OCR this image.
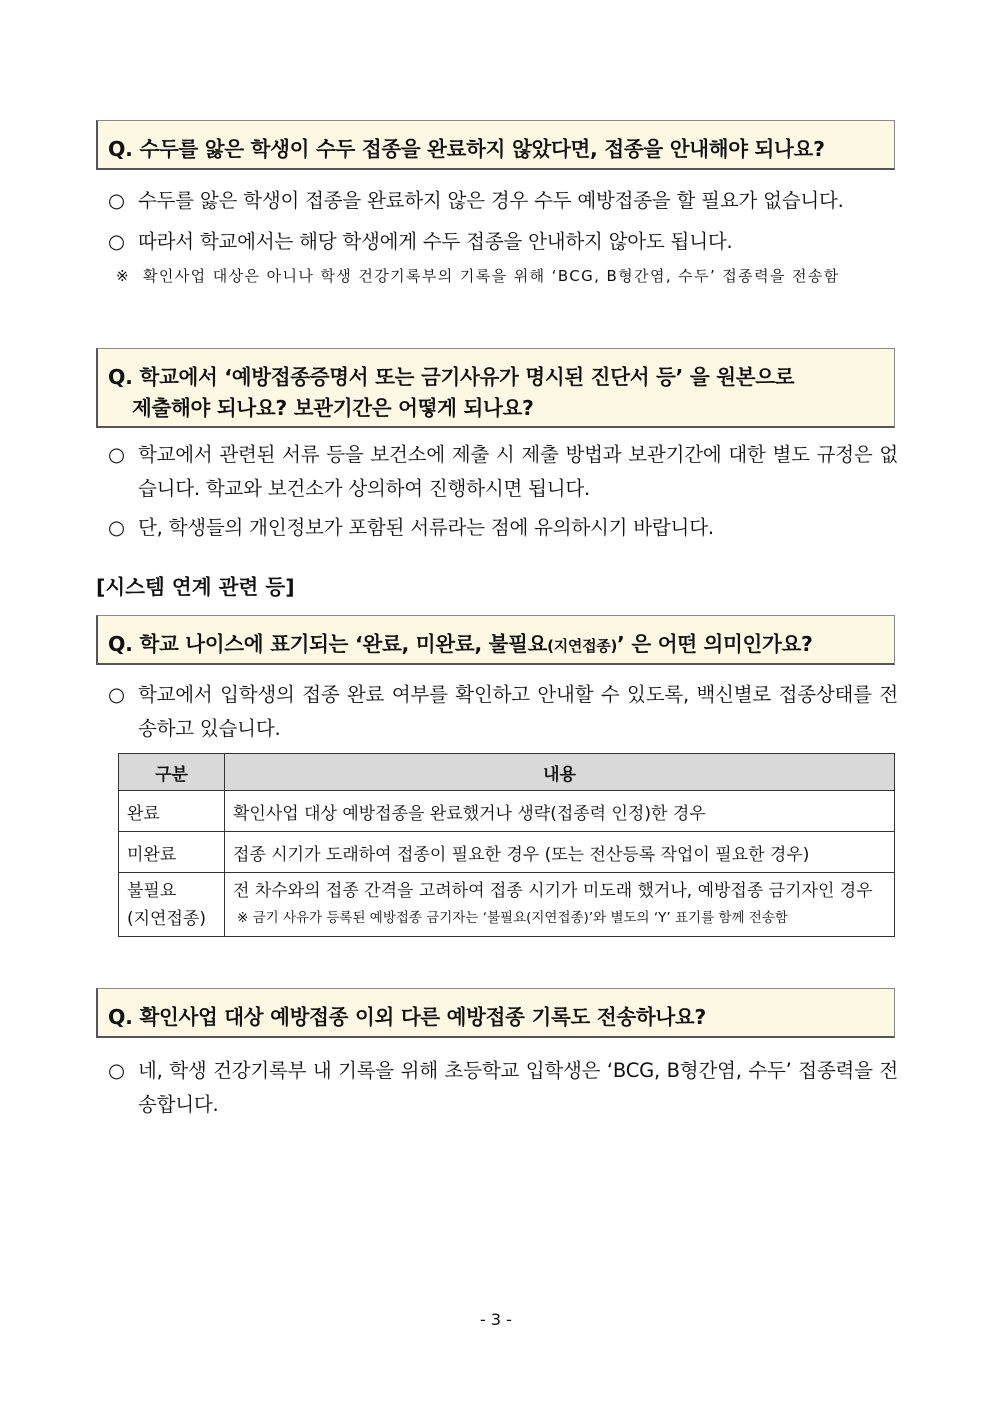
Q. 수두를 앓은 학생이 수두 접종을 완료하지 않았다면, 접종을 안내해야 되나요?
○ 수두를 앓은 학생이 접종을 완료하지 않은 경우 수두 예방접종을 할 필요가 없습니다.
○ 따라서 학교에서는 해당 학생에게 수두 접종을 안내하지 않아도 됩니다.
※ 확인사업 대상은 아니나 학생 건강기록부의 기록을 위해 ‘BCG, B형간염, 수두’ 접종력을 전송함
Q. 학교에서 ‘예방접종증명서 또는 금기사유가 명시된 진단서 등’ 을 원본으로
제출해야 되나요? 보관기간은 어떻게 되나요?
○ 학교에서 관련된 서류 등을 보건소에 제출 시 제출 방법과 보관기간에 대한 별도 규정은 없습니다. 학교와 보건소가 상의하여 진행하시면 됩니다.
○ 단, 학생들의 개인정보가 포함된 서류라는 점에 유의하시기 바랍니다.
[시스템 연계 관련 등]
Q. 학교 나이스에 표기되는 ‘완료, 미완료, 불필요(지연접종)’ 은 어떤 의미인가요?
○ 학교에서 입학생의 접종 완료 여부를 확인하고 안내할 수 있도록, 백신별로 접종상태를 전송하고 있습니다.
구분	내용
완료	확인사업 대상 예방접종을 완료했거나 생략(접종력 인정)한 경우
미완료	접종 시기가 도래하여 접종이 필요한 경우 (또는 전산등록 작업이 필요한 경우)

불필요
(지연접종)	전 차수와의 접종 간격을 고려하여 접종 시기가 미도래 했거나, 예방접종 금기자인 경우
※ 금기 사유가 등록된 예방접종 금기자는 ‘불필요(지연접종)’와 별도의 ‘Y’ 표기를 함께 전송함
Q. 확인사업 대상 예방접종 이외 다른 예방접종 기록도 전송하나요?
○ 네, 학생 건강기록부 내 기록을 위해 초등학교 입학생은 ‘BCG, B형간염, 수두’ 접종력을 전송합니다.
- 3 -
